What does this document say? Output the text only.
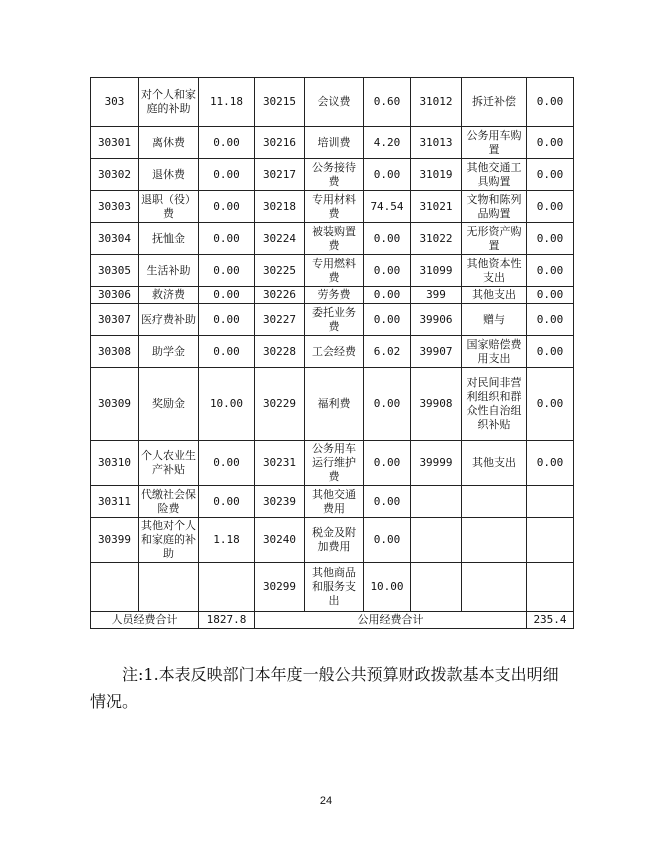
303	对个人和家庭的补助	11.18	30215	会议费	0.60	31012	拆迁补偿	0.00
30301	离休费	0.00	30216	培训费	4.20	31013	公务用车购置	0.00
30302	退休费	0.00	30217	公务接待费	0.00	31019	其他交通工具购置	0.00
30303	退职（役）费	0.00	30218	专用材料费	74.54	31021	文物和陈列品购置	0.00
30304	抚恤金	0.00	30224	被装购置费	0.00	31022	无形资产购置	0.00
30305	生活补助	0.00	30225	专用燃料费	0.00	31099	其他资本性支出	0.00
30306	救济费	0.00	30226	劳务费	0.00	399	其他支出	0.00
30307	医疗费补助	0.00	30227	委托业务费	0.00	39906	赠与	0.00
30308	助学金	0.00	30228	工会经费	6.02	39907	国家赔偿费用支出	0.00
30309	奖励金	10.00	30229	福利费	0.00	39908	对民间非营利组织和群众性自治组织补贴	0.00
30310	个人农业生产补贴	0.00	30231	公务用车运行维护费	0.00	39999	其他支出	0.00
30311	代缴社会保险费	0.00	30239	其他交通费用	0.00			
30399	其他对个人和家庭的补助	1.18	30240	税金及附加费用	0.00			
			30299	其他商品和服务支出	10.00			
人员经费合计		1827.8	公用经费合计					235.4

注:1.本表反映部门本年度一般公共预算财政拨款基本支出明细情况。

24
